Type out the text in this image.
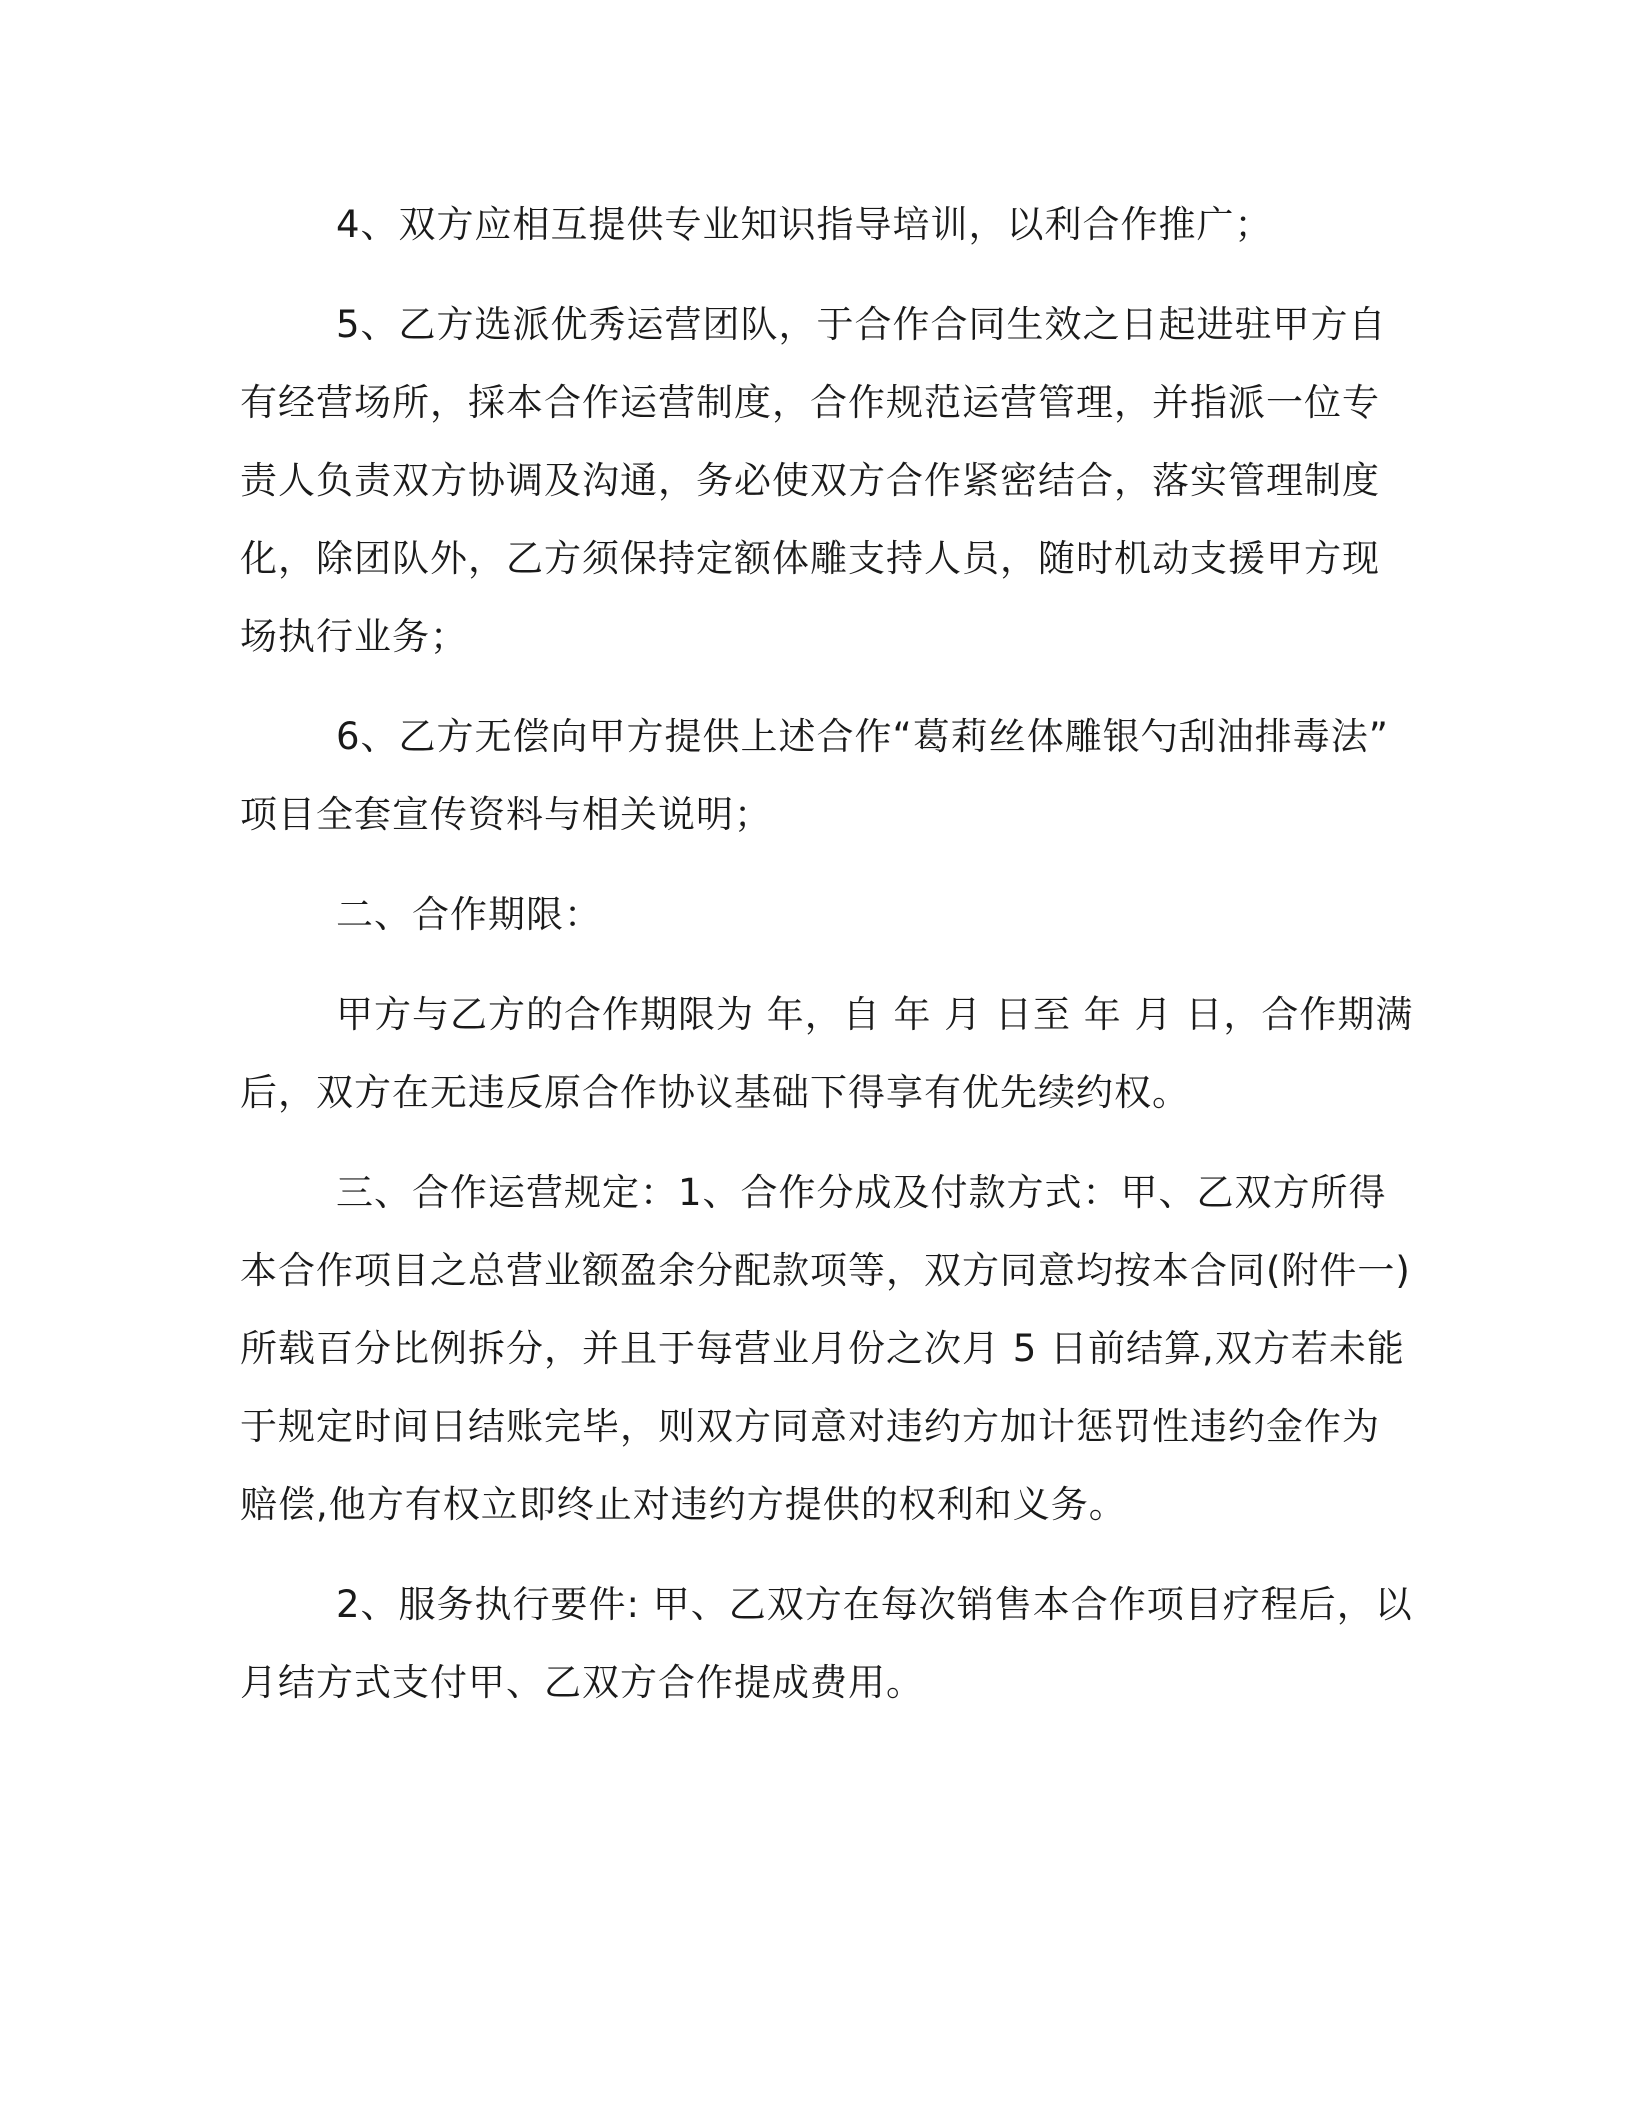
4、双方应相互提供专业知识指导培训，以利合作推广；
5、乙方选派优秀运营团队，于合作合同生效之日起进驻甲方自
有经营场所，採本合作运营制度，合作规范运营管理，并指派一位专
责人负责双方协调及沟通，务必使双方合作紧密结合，落实管理制度
化，除团队外，乙方须保持定额体雕支持人员，随时机动支援甲方现
场执行业务；
6、乙方无偿向甲方提供上述合作“葛莉丝体雕银勺刮油排毒法”
项目全套宣传资料与相关说明；
二、合作期限：
甲方与乙方的合作期限为 年，自 年 月 日至 年 月 日，合作期满
后，双方在无违反原合作协议基础下得享有优先续约权。
三、合作运营规定：1、合作分成及付款方式：甲、乙双方所得
本合作项目之总营业额盈余分配款项等，双方同意均按本合同(附件一)
所载百分比例拆分，并且于每营业月份之次月 5 日前结算,双方若未能
于规定时间日结账完毕，则双方同意对违约方加计惩罚性违约金作为
赔偿,他方有权立即终止对违约方提供的权利和义务。
2、服务执行要件: 甲、乙双方在每次销售本合作项目疗程后，以
月结方式支付甲、乙双方合作提成费用。
